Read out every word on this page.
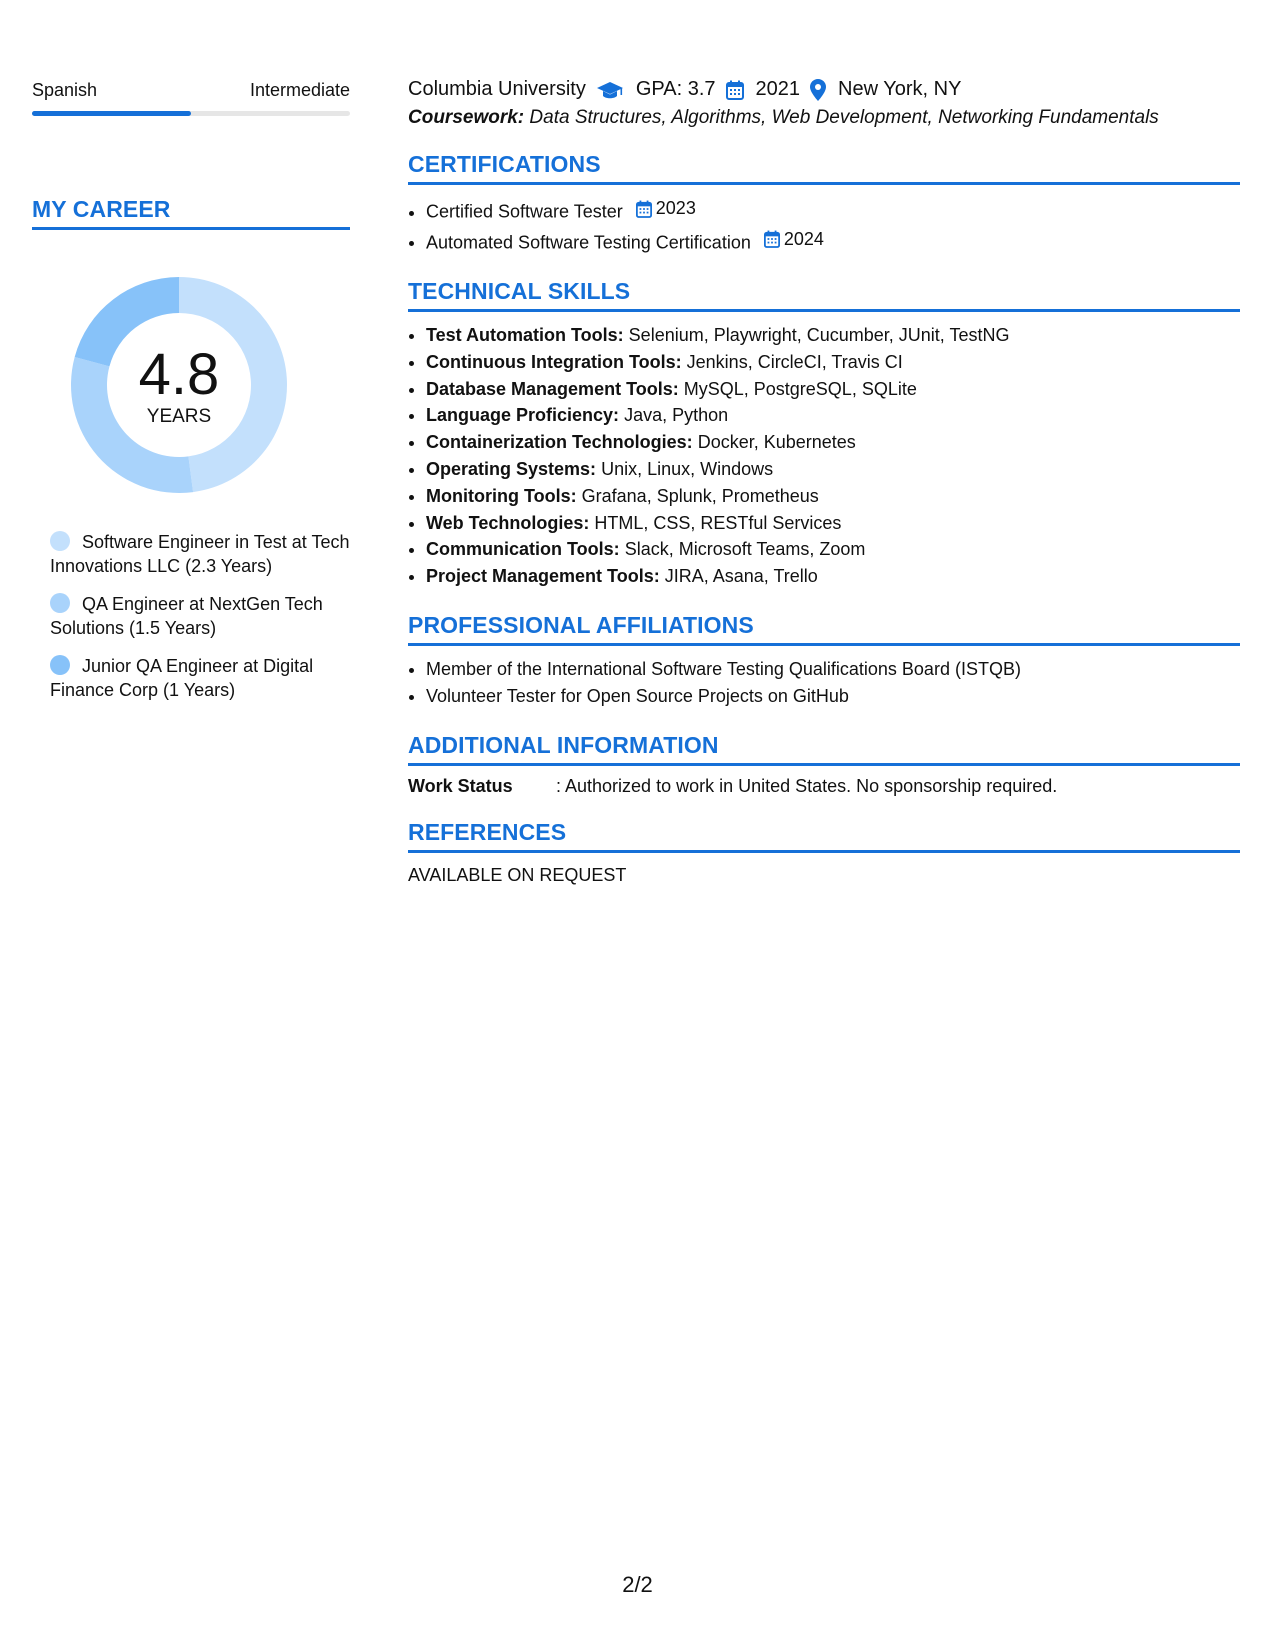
Spanish	Intermediate
MY CAREER
4.8
YEARS
Software Engineer in Test at Tech Innovations LLC (2.3 Years)
QA Engineer at NextGen Tech Solutions (1.5 Years)
Junior QA Engineer at Digital Finance Corp (1 Years)
Columbia University	GPA: 3.7 2021 New York, NY
Coursework: Data Structures, Algorithms, Web Development, Networking Fundamentals
CERTIFICATIONS
• Certified Software Tester 2023
• Automated Software Testing Certification 2024
TECHNICAL SKILLS
• Test Automation Tools: Selenium, Playwright, Cucumber, JUnit, TestNG
• Continuous Integration Tools: Jenkins, CircleCI, Travis CI
• Database Management Tools: MySQL, PostgreSQL, SQLite
• Language Proficiency: Java, Python
• Containerization Technologies: Docker, Kubernetes
• Operating Systems: Unix, Linux, Windows
• Monitoring Tools: Grafana, Splunk, Prometheus
• Web Technologies: HTML, CSS, RESTful Services
• Communication Tools: Slack, Microsoft Teams, Zoom
• Project Management Tools: JIRA, Asana, Trello
PROFESSIONAL AFFILIATIONS
• Member of the International Software Testing Qualifications Board (ISTQB)
• Volunteer Tester for Open Source Projects on GitHub
ADDITIONAL INFORMATION
Work Status	: Authorized to work in United States. No sponsorship required.
REFERENCES
AVAILABLE ON REQUEST
2/2
